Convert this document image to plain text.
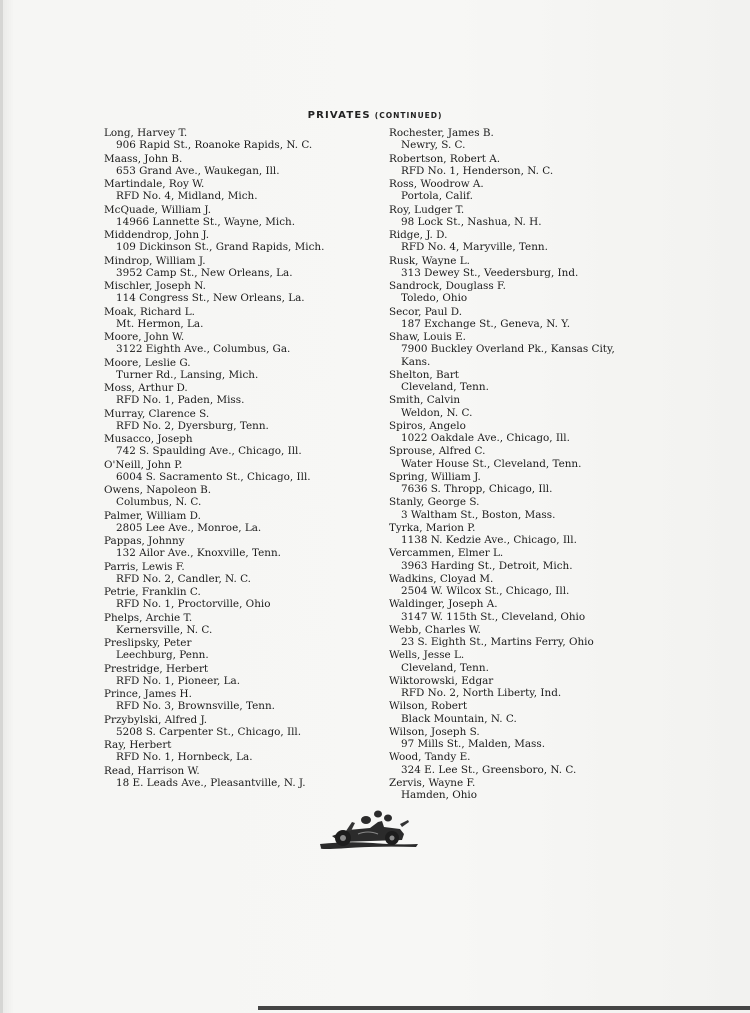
PRIVATES (CONTINUED)
Long, Harvey T.
906 Rapid St., Roanoke Rapids, N. C.
Maass, John B.
653 Grand Ave., Waukegan, Ill.
Martindale, Roy W.
RFD No. 4, Midland, Mich.
McQuade, William J.
14966 Lannette St., Wayne, Mich.
Middendrop, John J.
109 Dickinson St., Grand Rapids, Mich.
Mindrop, William J.
3952 Camp St., New Orleans, La.
Mischler, Joseph N.
114 Congress St., New Orleans, La.
Moak, Richard L.
Mt. Hermon, La.
Moore, John W.
3122 Eighth Ave., Columbus, Ga.
Moore, Leslie G.
Turner Rd., Lansing, Mich.
Moss, Arthur D.
RFD No. 1, Paden, Miss.
Murray, Clarence S.
RFD No. 2, Dyersburg, Tenn.
Musacco, Joseph
742 S. Spaulding Ave., Chicago, Ill.
O'Neill, John P.
6004 S. Sacramento St., Chicago, Ill.
Owens, Napoleon B.
Columbus, N. C.
Palmer, William D.
2805 Lee Ave., Monroe, La.
Pappas, Johnny
132 Ailor Ave., Knoxville, Tenn.
Parris, Lewis F.
RFD No. 2, Candler, N. C.
Petrie, Franklin C.
RFD No. 1, Proctorville, Ohio
Phelps, Archie T.
Kernersville, N. C.
Preslipsky, Peter
Leechburg, Penn.
Prestridge, Herbert
RFD No. 1, Pioneer, La.
Prince, James H.
RFD No. 3, Brownsville, Tenn.
Przybylski, Alfred J.
5208 S. Carpenter St., Chicago, Ill.
Ray, Herbert
RFD No. 1, Hornbeck, La.
Read, Harrison W.
18 E. Leads Ave., Pleasantville, N. J.
Rochester, James B.
Newry, S. C.
Robertson, Robert A.
RFD No. 1, Henderson, N. C.
Ross, Woodrow A.
Portola, Calif.
Roy, Ludger T.
98 Lock St., Nashua, N. H.
Ridge, J. D.
RFD No. 4, Maryville, Tenn.
Rusk, Wayne L.
313 Dewey St., Veedersburg, Ind.
Sandrock, Douglass F.
Toledo, Ohio
Secor, Paul D.
187 Exchange St., Geneva, N. Y.
Shaw, Louis E.
7900 Buckley Overland Pk., Kansas City, Kans.
Shelton, Bart
Cleveland, Tenn.
Smith, Calvin
Weldon, N. C.
Spiros, Angelo
1022 Oakdale Ave., Chicago, Ill.
Sprouse, Alfred C.
Water House St., Cleveland, Tenn.
Spring, William J.
7636 S. Thropp, Chicago, Ill.
Stanly, George S.
3 Waltham St., Boston, Mass.
Tyrka, Marion P.
1138 N. Kedzie Ave., Chicago, Ill.
Vercammen, Elmer L.
3963 Harding St., Detroit, Mich.
Wadkins, Cloyad M.
2504 W. Wilcox St., Chicago, Ill.
Waldinger, Joseph A.
3147 W. 115th St., Cleveland, Ohio
Webb, Charles W.
23 S. Eighth St., Martins Ferry, Ohio
Wells, Jesse L.
Cleveland, Tenn.
Wiktorowski, Edgar
RFD No. 2, North Liberty, Ind.
Wilson, Robert
Black Mountain, N. C.
Wilson, Joseph S.
97 Mills St., Malden, Mass.
Wood, Tandy E.
324 E. Lee St., Greensboro, N. C.
Zervis, Wayne F.
Hamden, Ohio
